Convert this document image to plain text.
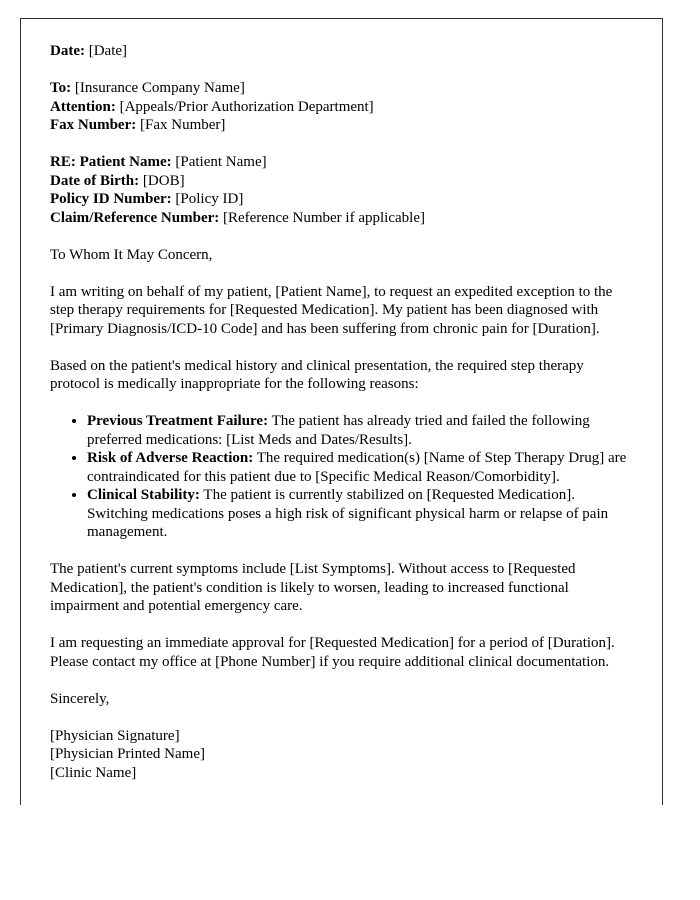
Date: [Date]

To: [Insurance Company Name]
Attention: [Appeals/Prior Authorization Department]
Fax Number: [Fax Number]
RE: Patient Name: [Patient Name]
Date of Birth: [DOB]
Policy ID Number: [Policy ID]
Claim/Reference Number: [Reference Number if applicable]

To Whom It May Concern,

I am writing on behalf of my patient, [Patient Name], to request an expedited exception to the step therapy requirements for [Requested Medication]. My patient has been diagnosed with [Primary Diagnosis/ICD-10 Code] and has been suffering from chronic pain for [Duration].

Based on the patient's medical history and clinical presentation, the required step therapy protocol is medically inappropriate for the following reasons:

• Previous Treatment Failure: The patient has already tried and failed the following preferred medications: [List Meds and Dates/Results].
• Risk of Adverse Reaction: The required medication(s) [Name of Step Therapy Drug] are contraindicated for this patient due to [Specific Medical Reason/Comorbidity].
• Clinical Stability: The patient is currently stabilized on [Requested Medication]. Switching medications poses a high risk of significant physical harm or relapse of pain management.

The patient's current symptoms include [List Symptoms]. Without access to [Requested Medication], the patient's condition is likely to worsen, leading to increased functional impairment and potential emergency care.

I am requesting an immediate approval for [Requested Medication] for a period of [Duration]. Please contact my office at [Phone Number] if you require additional clinical documentation.

Sincerely,

[Physician Signature]
[Physician Printed Name]
[Clinic Name]
